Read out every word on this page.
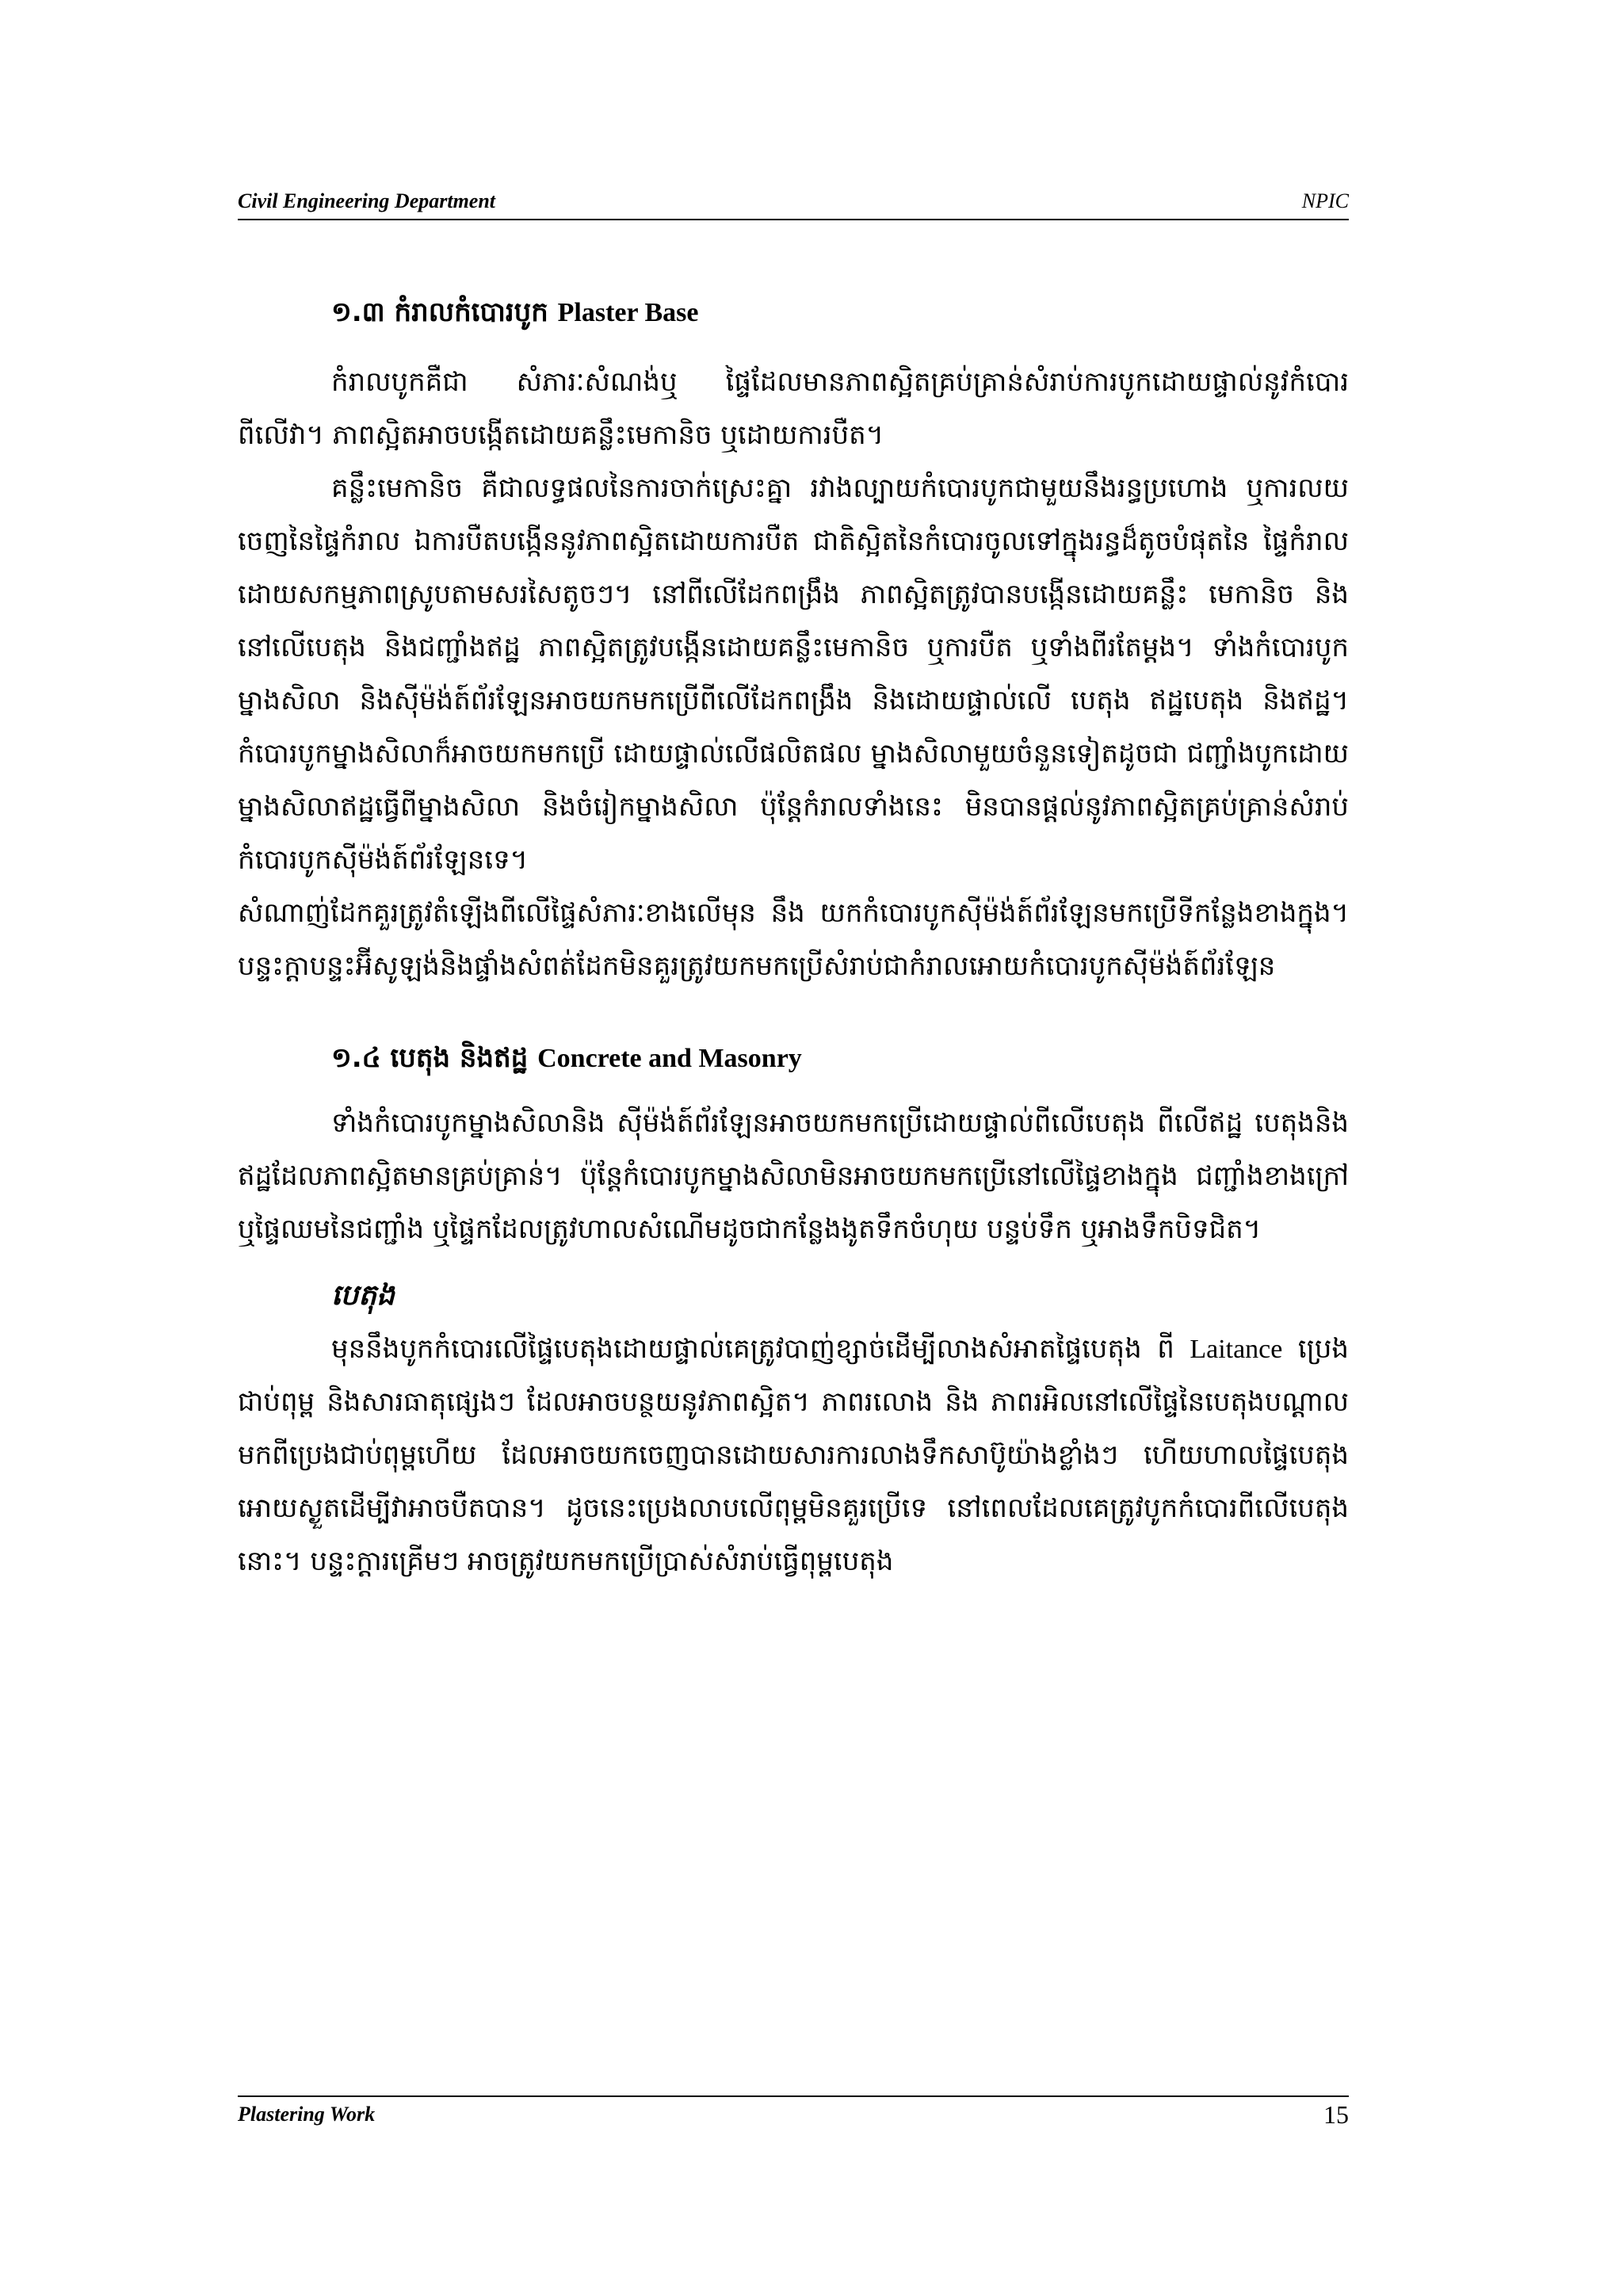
Civil Engineering Department	NPIC
១.៣ កំរាលកំបោរបូក Plaster Base

កំរាលបូកគឺជា សំភារៈសំណង់ឬ ផ្ទៃដែលមានភាពស្អិតគ្រប់គ្រាន់សំរាប់ការបូកដោយផ្ទាល់នូវកំបោរ ពីលើវា។ ភាពស្អិតអាចបង្កើតដោយគន្លឹះមេកានិច ឬដោយការបឺត។

គន្លឹះមេកានិច គឺជាលទ្ធផលនៃការចាក់ស្រេះគ្នា រវាងល្បាយកំបោរបូកជាមួយនឹងរន្ធប្រហោង ឬការលយចេញនៃផ្ទៃកំរាល ឯការបឺតបង្កើននូវភាពស្អិតដោយការបឺត ជាតិស្អិតនៃកំបោរចូលទៅក្នុងរន្ធដ៏តូចបំផុតនៃ ផ្ទៃកំរាលដោយសកម្មភាពស្រូបតាមសរសៃតូចៗ។ នៅពីលើដែកពង្រឹង ភាពស្អិតត្រូវបានបង្កើនដោយគន្លឹះ មេកានិច និងនៅលើបេតុង និងជញ្ជាំងឥដ្ឋ ភាពស្អិតត្រូវបង្កើនដោយគន្លឹះមេកានិច ឬការបឺត ឬទាំងពីរតែម្តង។ ទាំងកំបោរបូកម្នាងសិលា និងស៊ីម៉ង់ត៍ព័រឡែនអាចយកមកប្រើពីលើដែកពង្រឹង និងដោយផ្ទាល់លើ បេតុង ឥដ្ឋបេតុង និងឥដ្ឋ។ កំបោរបូកម្នាងសិលាក៏អាចយកមកប្រើ ដោយផ្ទាល់លើផលិតផល ម្នាងសិលាមួយចំនួនទៀតដូចជា ជញ្ជាំងបូកដោយម្នាងសិលាឥដ្ឋធ្វើពីម្នាងសិលា និងចំរៀកម្នាងសិលា ប៉ុន្តែកំរាលទាំងនេះ មិនបានផ្តល់នូវភាពស្អិតគ្រប់គ្រាន់សំរាប់កំបោរបូកស៊ីម៉ង់ត៍ព័រឡែនទេ។

សំណាញ់ដែកគួរត្រូវតំឡើងពីលើផ្ទៃសំភារៈខាងលើមុន នឹង យកកំបោរបូកស៊ីម៉ង់ត៍ព័រឡែនមកប្រើទីកន្លែងខាងក្នុង។ បន្ទះក្តាបន្ទះអ៊ីសូឡង់និងផ្ទាំងសំពត់ដែកមិនគួរត្រូវយកមកប្រើសំរាប់ជាកំរាលអោយកំបោរបូកស៊ីម៉ង់ត៍ព័រឡែន

១.៤ បេតុង និងឥដ្ឋ Concrete and Masonry

ទាំងកំបោរបូកម្នាងសិលានិង ស៊ីម៉ង់ត៍ព័រឡែនអាចយកមកប្រើដោយផ្ទាល់ពីលើបេតុង ពីលើឥដ្ឋ បេតុងនិងឥដ្ឋដែលភាពស្អិតមានគ្រប់គ្រាន់។ ប៉ុន្តែកំបោរបូកម្នាងសិលាមិនអាចយកមកប្រើនៅលើផ្ទៃខាងក្នុង ជញ្ជាំងខាងក្រៅ ឬផ្ទៃឈមនៃជញ្ជាំង ឬផ្ទៃកដែលត្រូវហាលសំណើមដូចជាកន្លែងងូតទឹកចំហុយ បន្ទប់ទឹក ឬអាងទឹកបិទជិត។

បេតុង

មុននឹងបូកកំបោរលើផ្ទៃបេតុងដោយផ្ទាល់គេត្រូវបាញ់ខ្សាច់ដើម្បីលាងសំអាតផ្ទៃបេតុង ពី Laitance ប្រេងជាប់ពុម្ព និងសារធាតុផ្សេងៗ ដែលអាចបន្ថយនូវភាពស្អិត។ ភាពរលោង និង ភាពរអិលនៅលើផ្ទៃនៃបេតុងបណ្តាលមកពីប្រេងជាប់ពុម្ពហើយ ដែលអាចយកចេញបានដោយសារការលាងទឹកសាប៊ូយ៉ាងខ្លាំងៗ ហើយហាលផ្ទៃបេតុងអោយស្ងួតដើម្បីវាអាចបឺតបាន។ ដូចនេះប្រេងលាបលើពុម្ពមិនគួរប្រើទេ នៅពេលដែលគេត្រូវបូកកំបោរពីលើបេតុងនោះ។ បន្ទះក្តារគ្រើមៗ អាចត្រូវយកមកប្រើប្រាស់សំរាប់ធ្វើពុម្ពបេតុង

Plastering Work	15
